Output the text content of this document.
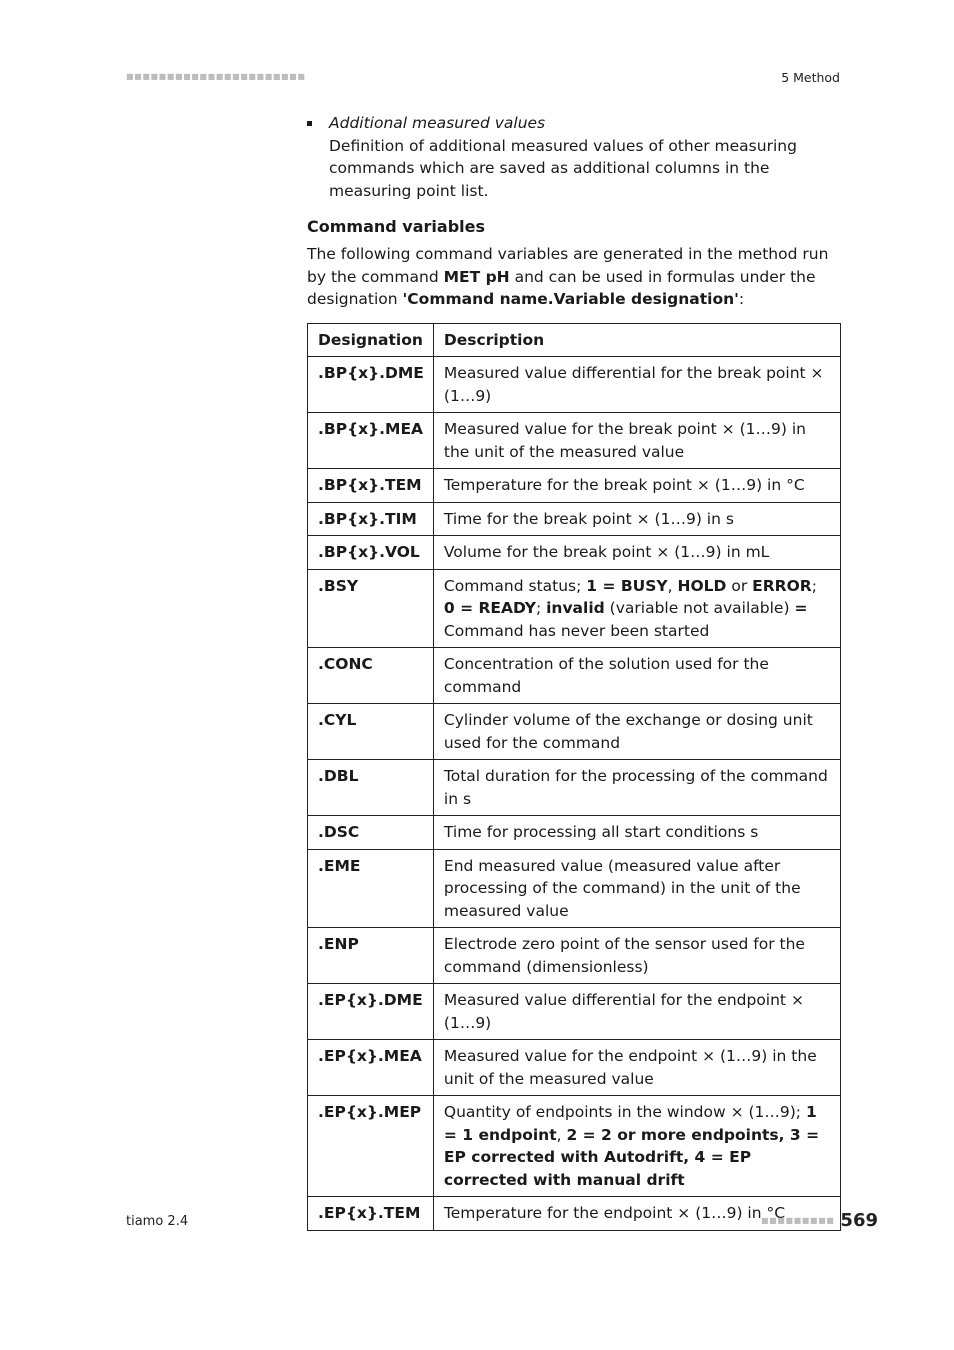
■■■■■■■■■■■■■■■■■■■■■■	5 Method
Additional measured values
Definition of additional measured values of other measuring commands which are saved as additional columns in the measuring point list.
Command variables
The following command variables are generated in the method run by the command MET pH and can be used in formulas under the designation 'Command name.Variable designation':
Designation	Description
.BP{x}.DME	Measured value differential for the break point × (1…9)
.BP{x}.MEA	Measured value for the break point × (1…9) in the unit of the measured value
.BP{x}.TEM	Temperature for the break point × (1…9) in °C
.BP{x}.TIM	Time for the break point × (1…9) in s
.BP{x}.VOL	Volume for the break point × (1…9) in mL
.BSY	Command status; 1 = BUSY, HOLD or ERROR; 0 = READY; invalid (variable not available) = Command has never been started
.CONC	Concentration of the solution used for the command
.CYL	Cylinder volume of the exchange or dosing unit used for the command
.DBL	Total duration for the processing of the command in s
.DSC	Time for processing all start conditions s
.EME	End measured value (measured value after processing of the command) in the unit of the measured value
.ENP	Electrode zero point of the sensor used for the command (dimensionless)
.EP{x}.DME	Measured value differential for the endpoint × (1…9)
.EP{x}.MEA	Measured value for the endpoint × (1…9) in the unit of the measured value
.EP{x}.MEP	Quantity of endpoints in the window × (1…9); 1 = 1 endpoint, 2 = 2 or more endpoints, 3 = EP corrected with Autodrift, 4 = EP corrected with manual drift
.EP{x}.TEM	Temperature for the endpoint × (1…9) in °C
tiamo 2.4	■■■■■■■■■ 569
